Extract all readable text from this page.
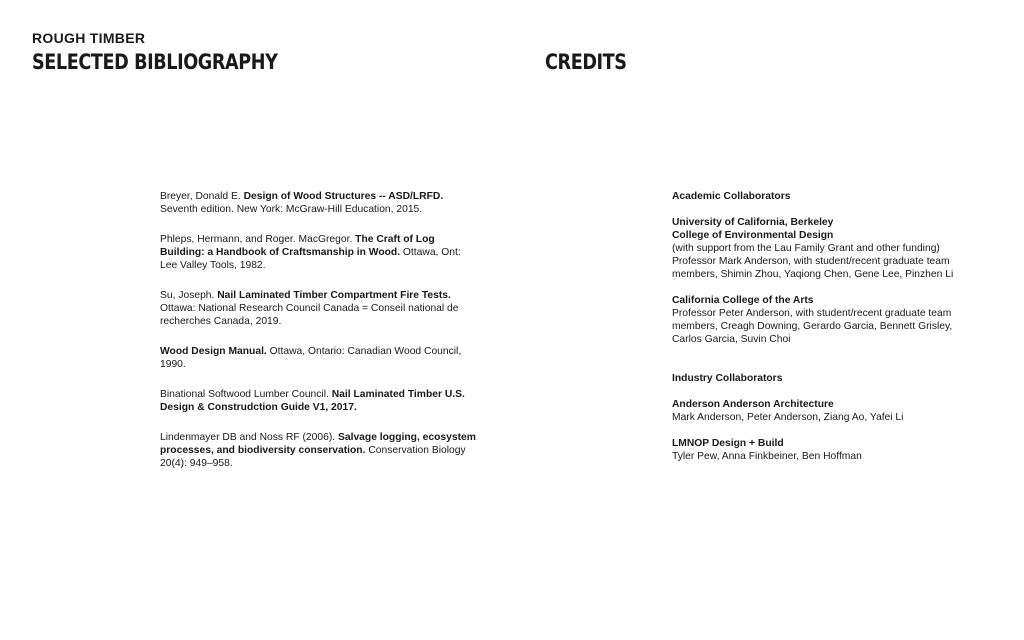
ROUGH TIMBER

SELECTED BIBLIOGRAPHY	CREDITS

Breyer, Donald E. Design of Wood Structures -- ASD/LRFD. Seventh edition. New York: McGraw-Hill Education, 2015.

Phleps, Hermann, and Roger. MacGregor. The Craft of Log Building: a Handbook of Craftsmanship in Wood. Ottawa, Ont: Lee Valley Tools, 1982.

Su, Joseph. Nail Laminated Timber Compartment Fire Tests. Ottawa: National Research Council Canada = Conseil national de recherches Canada, 2019.

Wood Design Manual. Ottawa, Ontario: Canadian Wood Council, 1990.

Binational Softwood Lumber Council. Nail Laminated Timber U.S. Design & Construdction Guide V1, 2017.

Lindenmayer DB and Noss RF (2006). Salvage logging, ecosystem processes, and biodiversity conservation. Conservation Biology 20(4): 949–958.

Academic Collaborators

University of California, Berkeley
College of Environmental Design
(with support from the Lau Family Grant and other funding)
Professor Mark Anderson, with student/recent graduate team members, Shimin Zhou, Yaqiong Chen, Gene Lee, Pinzhen Li

California College of the Arts
Professor Peter Anderson, with student/recent graduate team members, Creagh Downing, Gerardo Garcia, Bennett Grisley, Carlos Garcia, Suvin Choi

Industry Collaborators

Anderson Anderson Architecture
Mark Anderson, Peter Anderson, Ziang Ao, Yafei Li

LMNOP Design + Build
Tyler Pew, Anna Finkbeiner, Ben Hoffman
